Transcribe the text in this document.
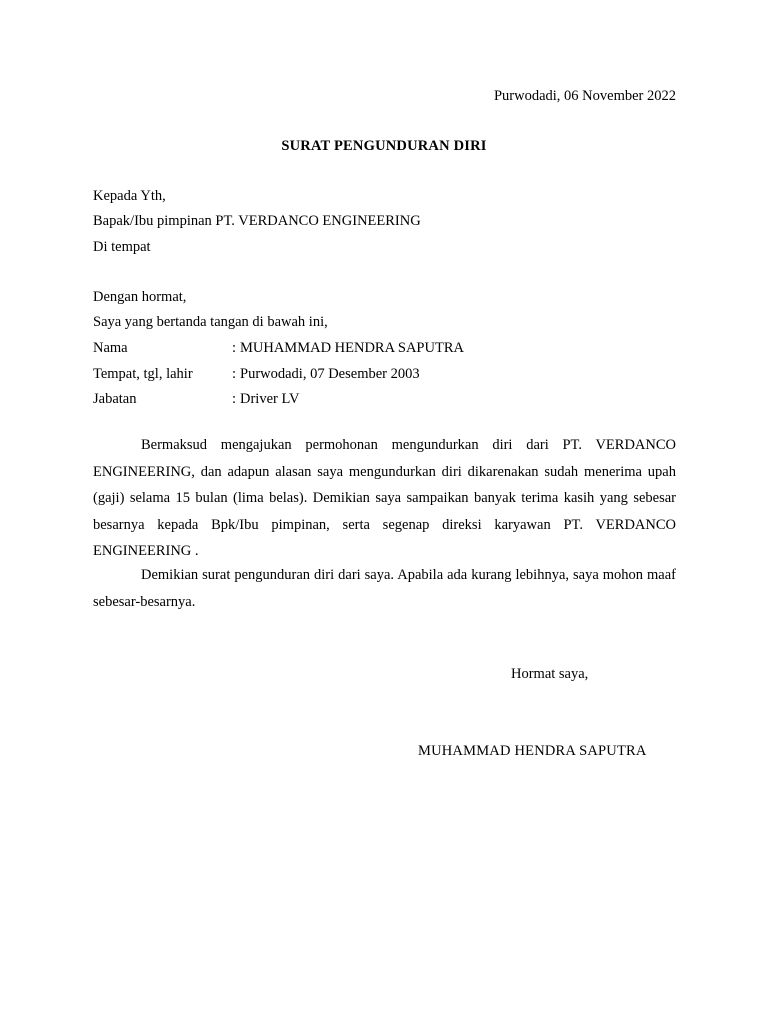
Purwodadi, 06 November 2022
SURAT PENGUNDURAN DIRI
Kepada Yth,
Bapak/Ibu pimpinan PT. VERDANCO ENGINEERING
Di tempat
Dengan hormat,
Saya yang bertanda tangan di bawah ini,
Nama	: MUHAMMAD HENDRA SAPUTRA
Tempat, tgl, lahir	: Purwodadi, 07 Desember 2003
Jabatan	: Driver LV

Bermaksud mengajukan permohonan mengundurkan diri dari PT. VERDANCO ENGINEERING, dan adapun alasan saya mengundurkan diri dikarenakan sudah menerima upah (gaji) selama 15 bulan (lima belas). Demikian saya sampaikan banyak terima kasih yang sebesar besarnya kepada Bpk/Ibu pimpinan, serta segenap direksi karyawan PT. VERDANCO ENGINEERING .

Demikian surat pengunduran diri dari saya. Apabila ada kurang lebihnya, saya mohon maaf sebesar-besarnya.

Hormat saya,
MUHAMMAD HENDRA SAPUTRA
